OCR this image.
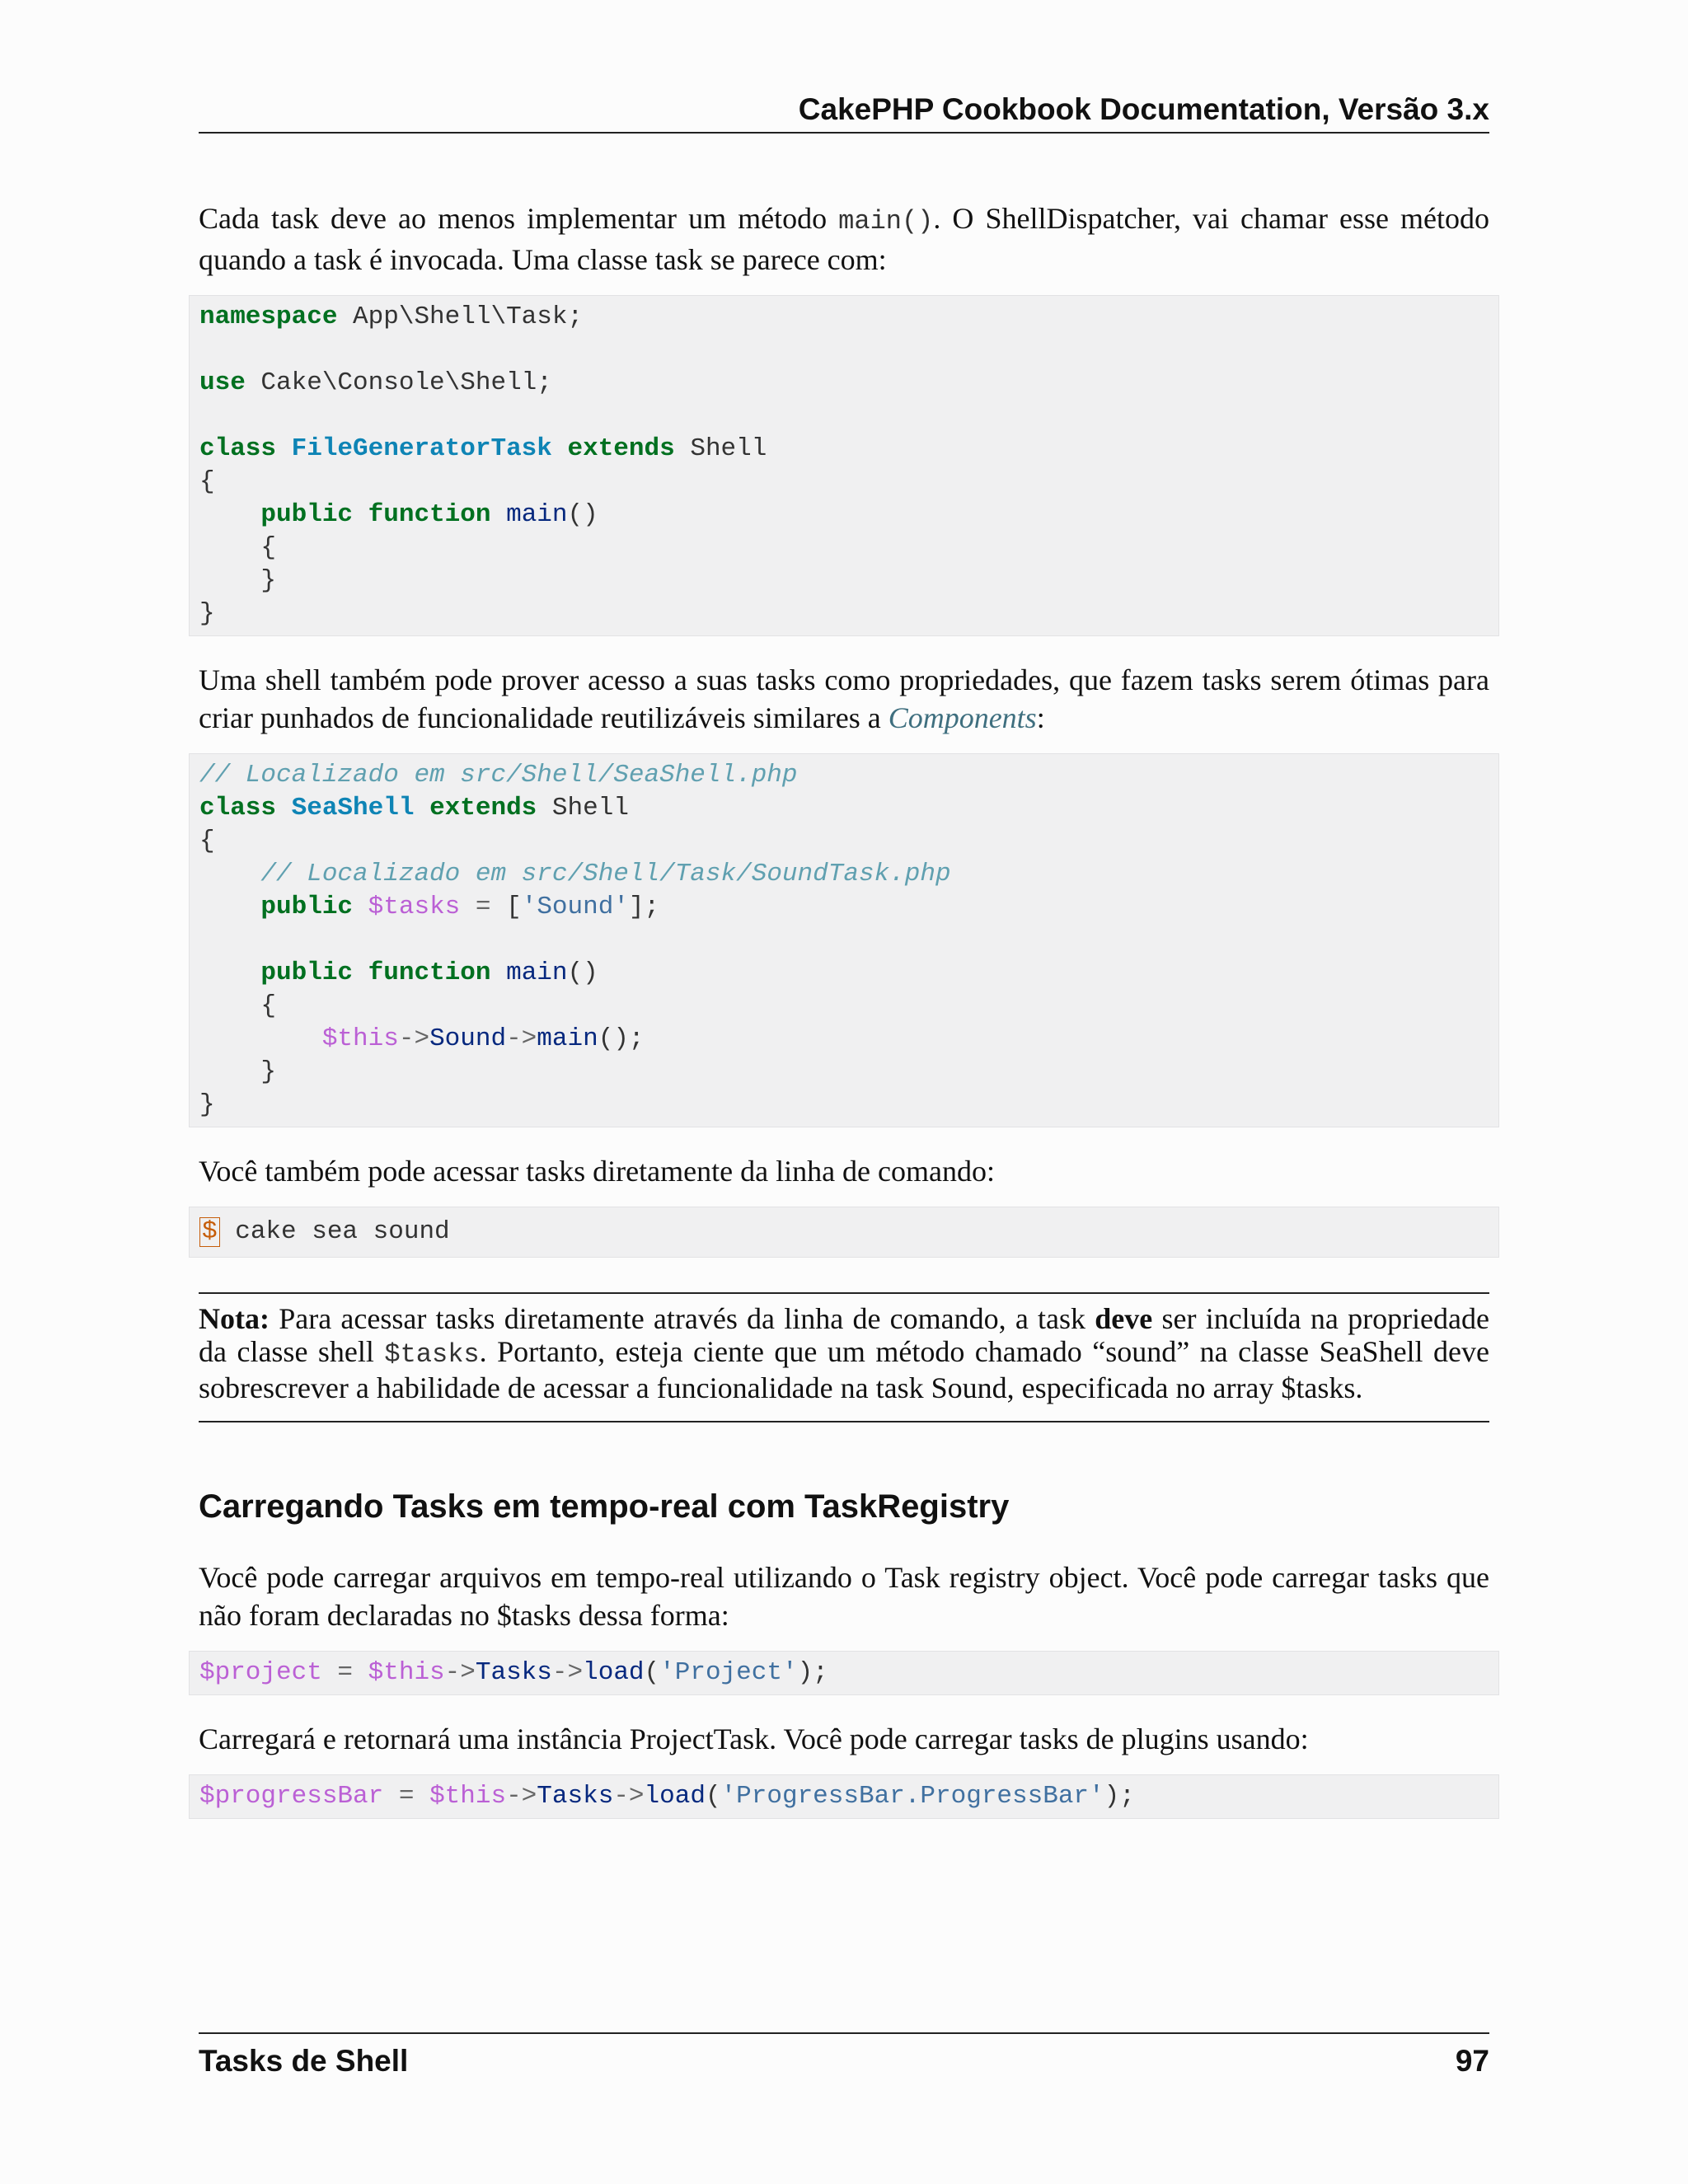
CakePHP Cookbook Documentation, Versão 3.x

Cada task deve ao menos implementar um método main(). O ShellDispatcher, vai chamar esse método quando a task é invocada. Uma classe task se parece com:

namespace App\Shell\Task;

use Cake\Console\Shell;

class FileGeneratorTask extends Shell
{
public function main()
{
}
}

Uma shell também pode prover acesso a suas tasks como propriedades, que fazem tasks serem ótimas para criar punhados de funcionalidade reutilizáveis similares a Components:

// Localizado em src/Shell/SeaShell.php
class SeaShell extends Shell
{
// Localizado em src/Shell/Task/SoundTask.php
public $tasks = ['Sound'];

public function main()
{
$this->Sound->main();
}
}

Você também pode acessar tasks diretamente da linha de comando:

$ cake sea sound
Nota: Para acessar tasks diretamente através da linha de comando, a task deve ser incluída na propriedade da classe shell $tasks. Portanto, esteja ciente que um método chamado “sound” na classe SeaShell deve sobrescrever a habilidade de acessar a funcionalidade na task Sound, especificada no array $tasks.
Carregando Tasks em tempo-real com TaskRegistry

Você pode carregar arquivos em tempo-real utilizando o Task registry object. Você pode carregar tasks que não foram declaradas no $tasks dessa forma:

$project = $this->Tasks->load('Project');

Carregará e retornará uma instância ProjectTask. Você pode carregar tasks de plugins usando:

$progressBar = $this->Tasks->load('ProgressBar.ProgressBar');
Tasks de Shell	97
